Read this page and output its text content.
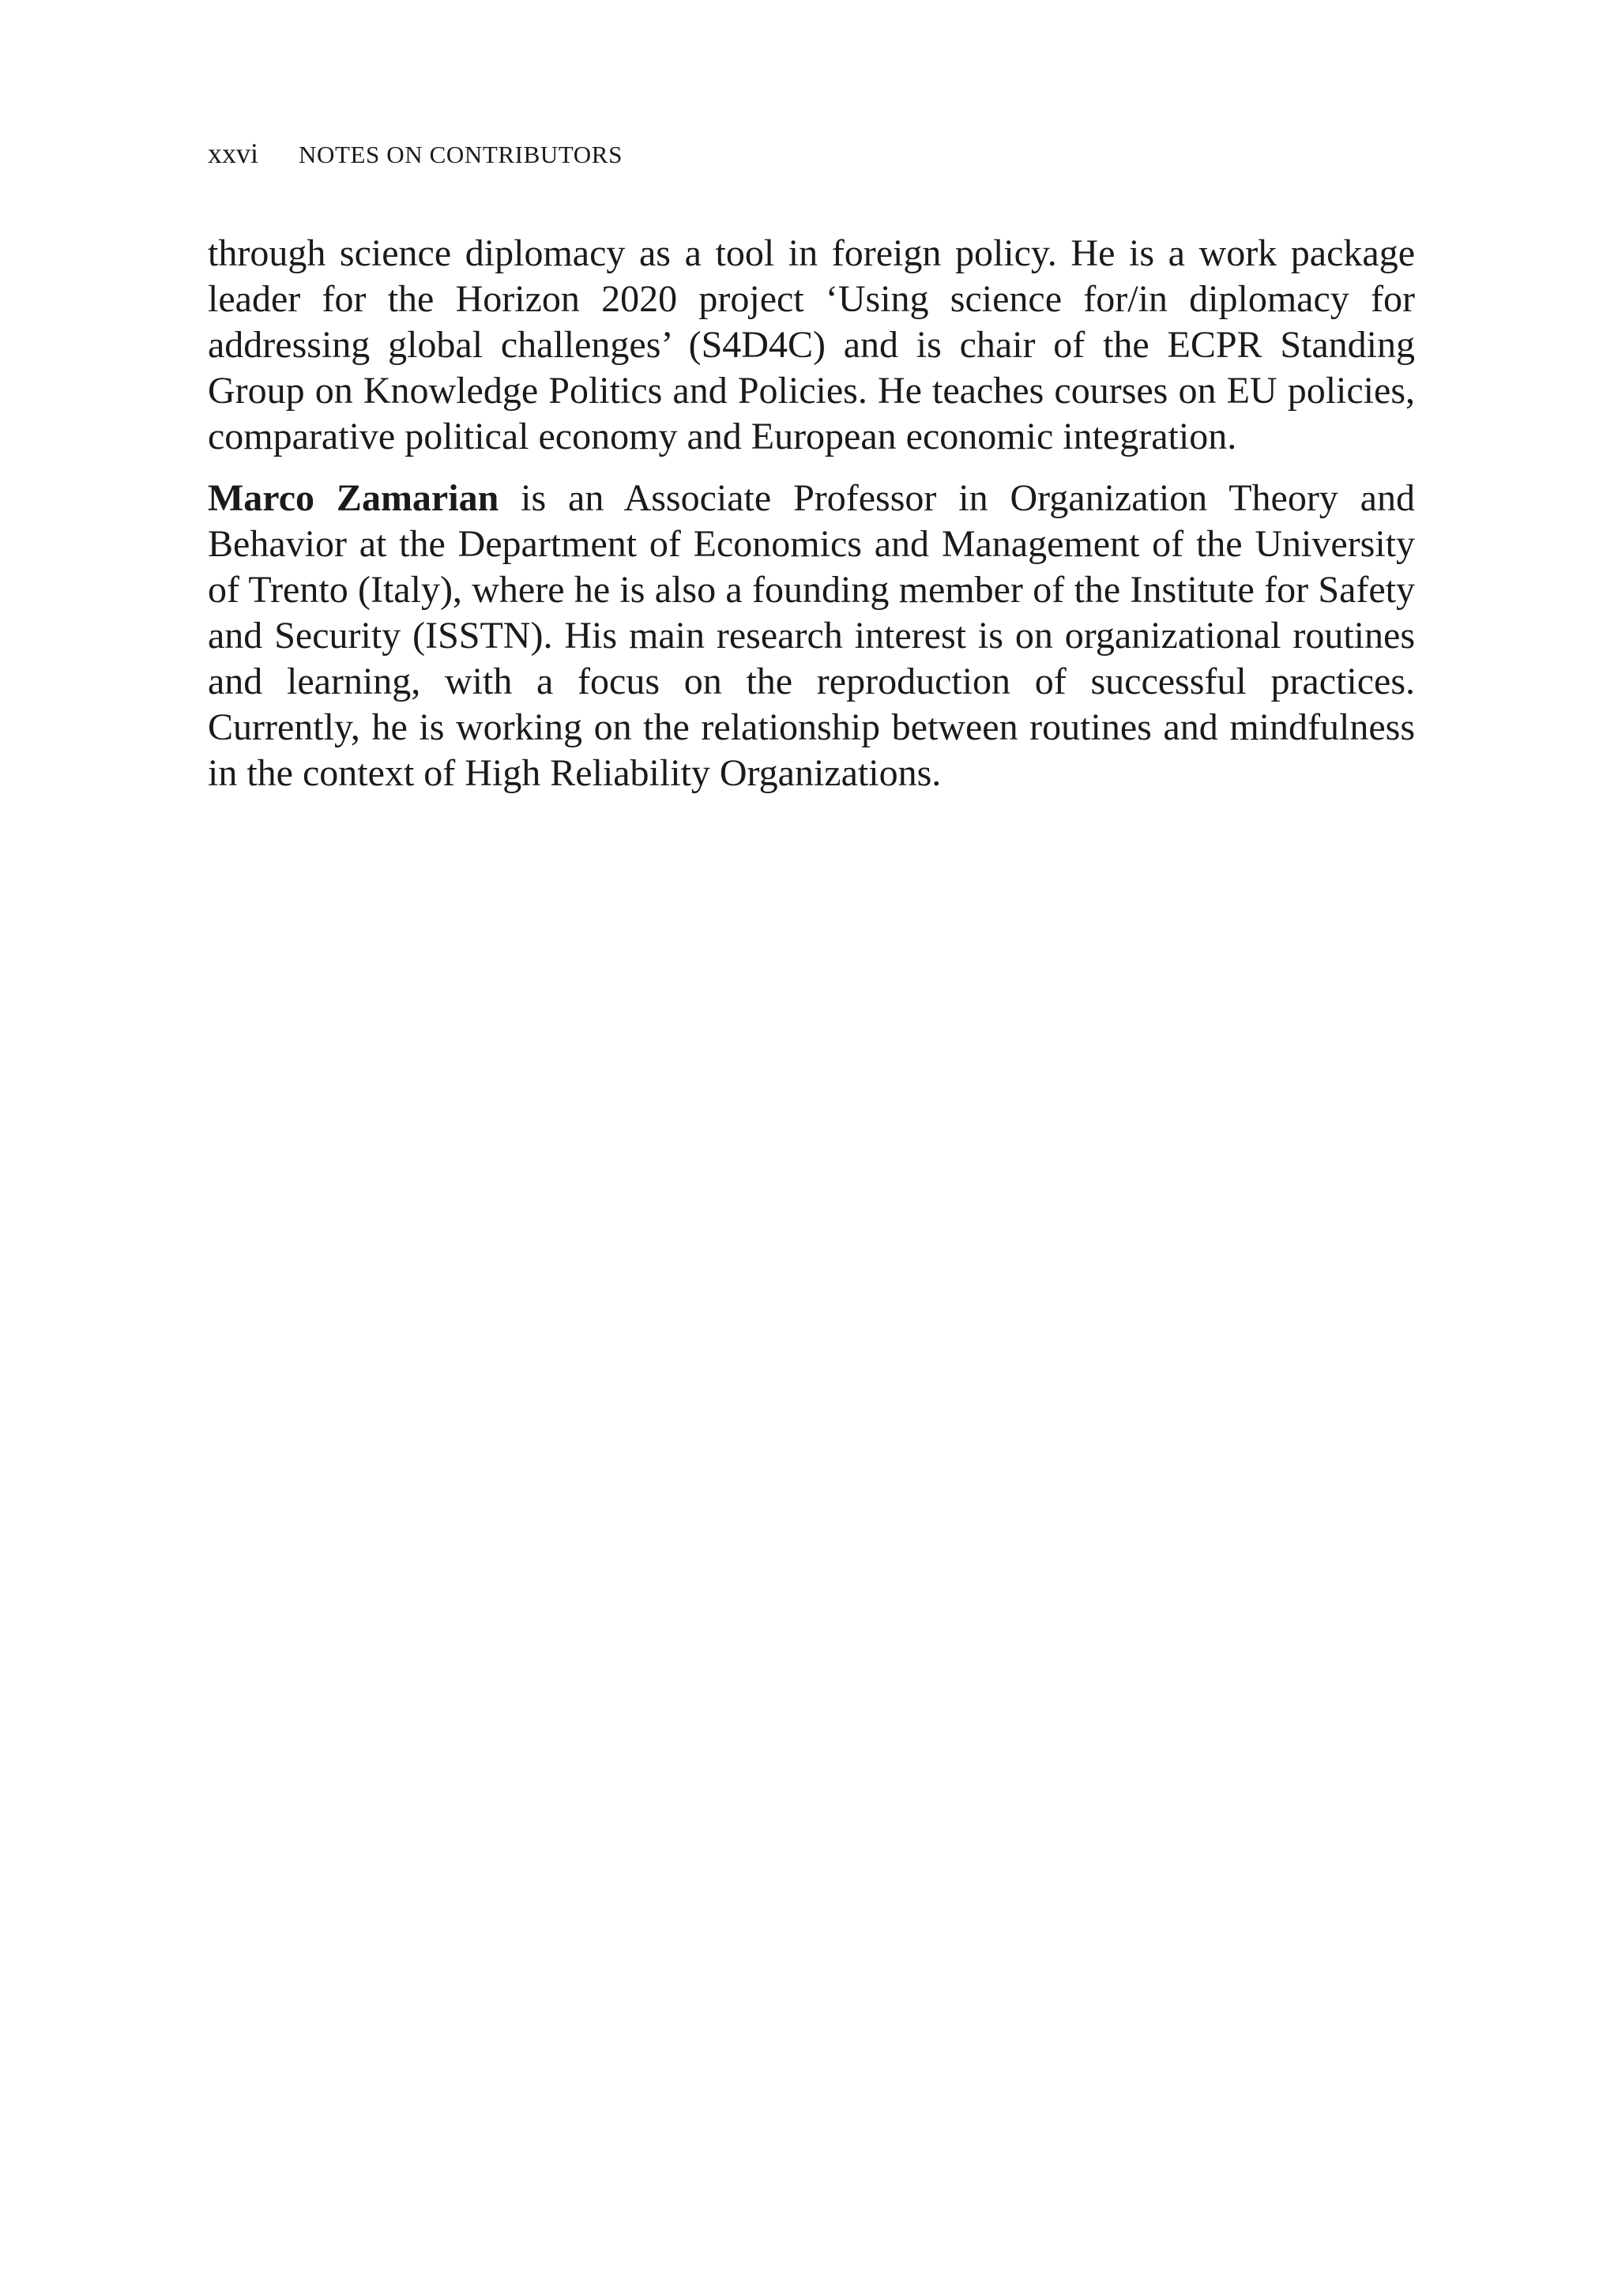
xxvi NOTES ON CONTRIBUTORS

through science diplomacy as a tool in foreign policy. He is a work package leader for the Horizon 2020 project ‘Using science for/in diplomacy for addressing global challenges’ (S4D4C) and is chair of the ECPR Standing Group on Knowledge Politics and Policies. He teaches courses on EU policies, comparative political economy and European economic integration.

Marco Zamarian is an Associate Professor in Organization Theory and Behavior at the Department of Economics and Management of the University of Trento (Italy), where he is also a founding member of the Institute for Safety and Security (ISSTN). His main research interest is on organizational routines and learning, with a focus on the reproduction of successful practices. Currently, he is working on the relationship between routines and mindfulness in the context of High Reliability Organizations.
